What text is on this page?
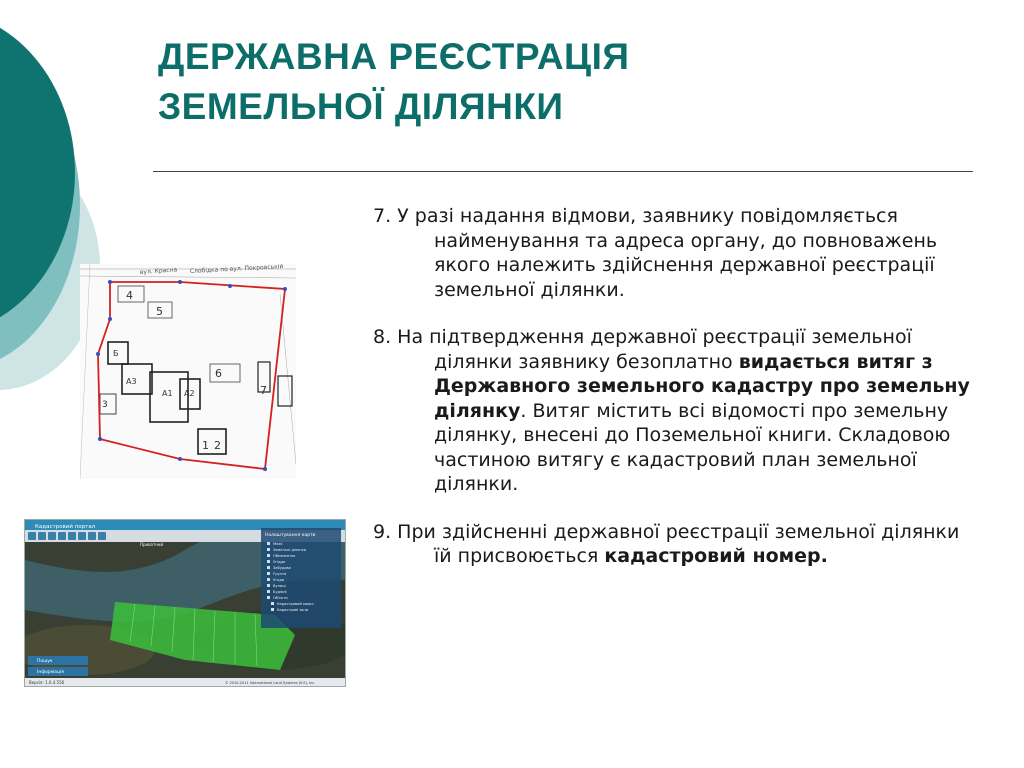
ДЕРЖАВНА РЕЄСТРАЦІЯ
ЗЕМЕЛЬНОЇ ДІЛЯНКИ
вул. Красна Слобідка по вул. Покровській
4
5
6
7
1 2
3
А1 А2
А3
Б
Кадастровий портал
Приватний
Налаштування карти
Межі
Земельні ділянки
Обмеження
Угіддя
Забудова
Ґрунти
Угоди
Вулиці
Будівлі
Об'єкти
Кадастровий кварт.
Кадастрові зони
Пошук
Інформація
Версія: 1.0.4.556	© 2010-2011 International Land Systems (ILS), Inc.

7. У разі надання відмови, заявнику повідомляється найменування та адреса органу, до повноважень якого належить здійснення державної реєстрації земельної ділянки.

8. На підтвердження державної реєстрації земельної ділянки заявнику безоплатно видається витяг з Державного земельного кадастру про земельну ділянку. Витяг містить всі відомості про земельну ділянку, внесені до Поземельної книги. Складовою частиною витягу є кадастровий план земельної ділянки.

9. При здійсненні державної реєстрації земельної ділянки їй присвоюється кадастровий номер.
